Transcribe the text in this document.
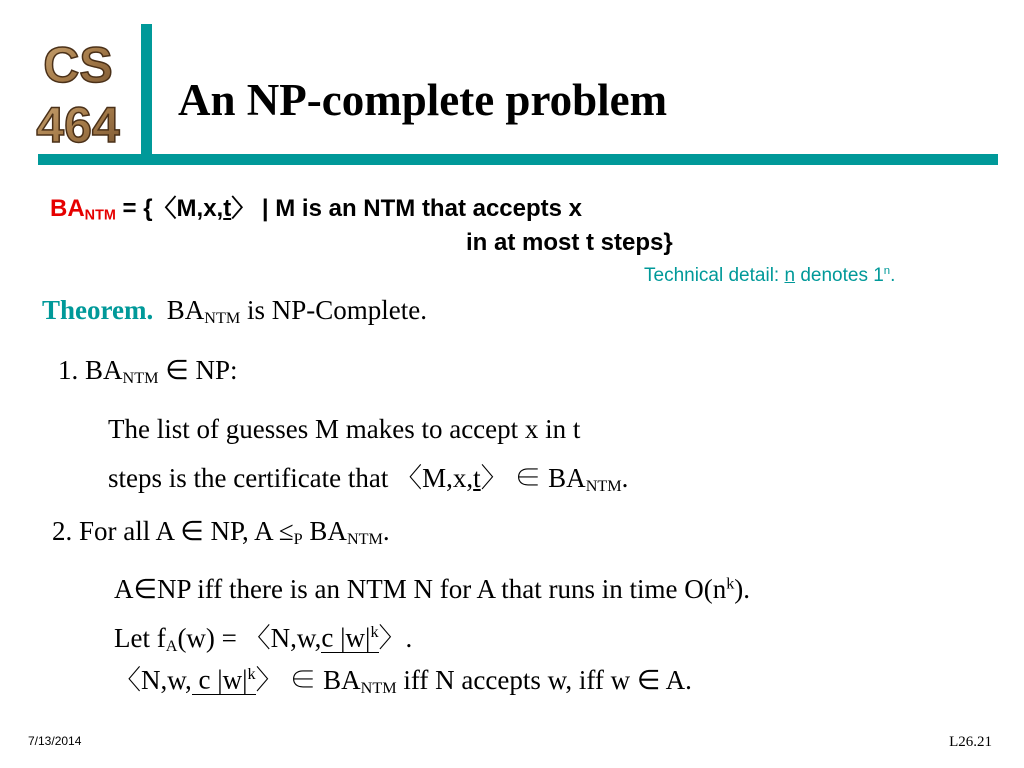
CS
464 An NP-complete problem
$BA_{NTM}$ = {〈M,x,t〉 | M is an NTM that accepts x
in at most t steps}
Technical detail: n denotes 1$^n$.
Theorem.  $BA_{NTM}$ is NP-Complete.
1. $BA_{NTM}$ ∈ NP:
The list of guesses M makes to accept x in t
steps is the certificate that 〈M,x,t〉 ∈ $BA_{NTM}$.
2. For all A ∈ NP, $A \le_P$ $BA_{NTM}$.
A∈NP iff there is an NTM N for A that runs in time $O(n^k)$.
Let $f_A(w)$ = 〈N,w,c $|w|^k〉$.
〈N,w, c $|w|^k〉$ ∈ $BA_{NTM}$ iff N accepts w, iff w ∈ A.
7/13/2014	L26.21
